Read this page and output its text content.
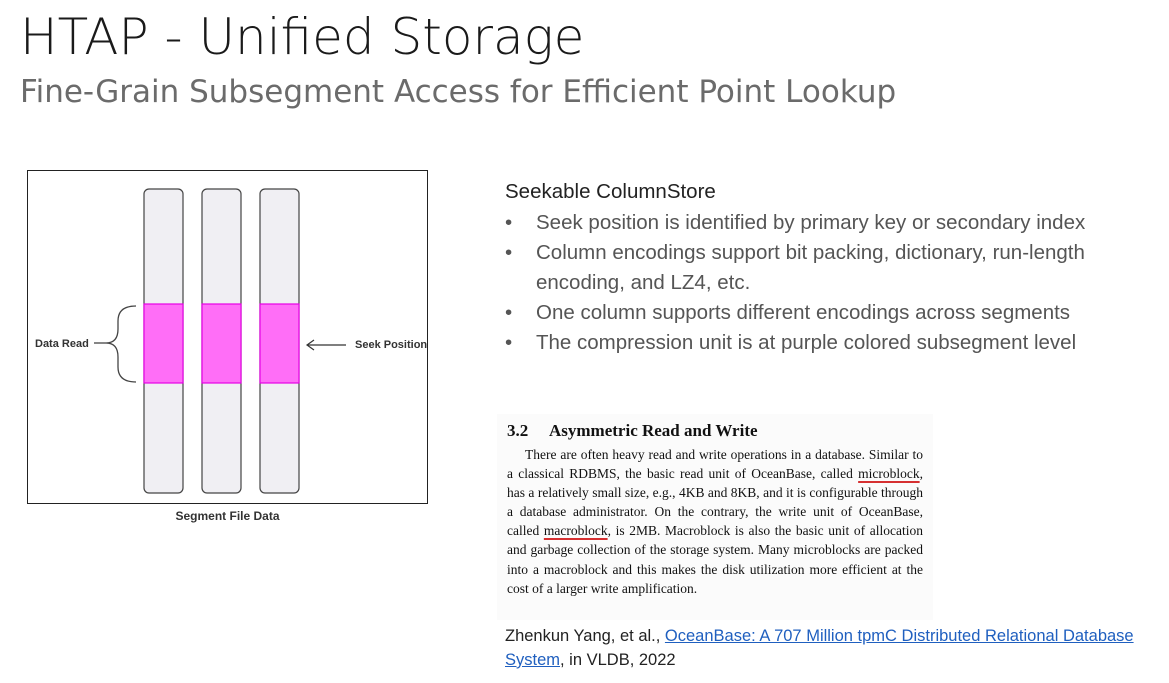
HTAP - Unified Storage
Fine-Grain Subsegment Access for Efficient Point Lookup
Data Read	Seek Position
Segment File Data
Seekable ColumnStore
• Seek position is identified by primary key or secondary index
• Column encodings support bit packing, dictionary, run-length encoding, and LZ4, etc.
• One column supports different encodings across segments
• The compression unit is at purple colored subsegment level
3.2 Asymmetric Read and Write
There are often heavy read and write operations in a database. Similar to a classical RDBMS, the basic read unit of OceanBase, called microblock, has a relatively small size, e.g., 4KB and 8KB, and it is configurable through a database administrator. On the contrary, the write unit of OceanBase, called macroblock, is 2MB. Macroblock is also the basic unit of allocation and garbage collection of the storage system. Many microblocks are packed into a macroblock and this makes the disk utilization more efficient at the cost of a larger write amplification.
Zhenkun Yang, et al., OceanBase: A 707 Million tpmC Distributed Relational Database System, in VLDB, 2022
